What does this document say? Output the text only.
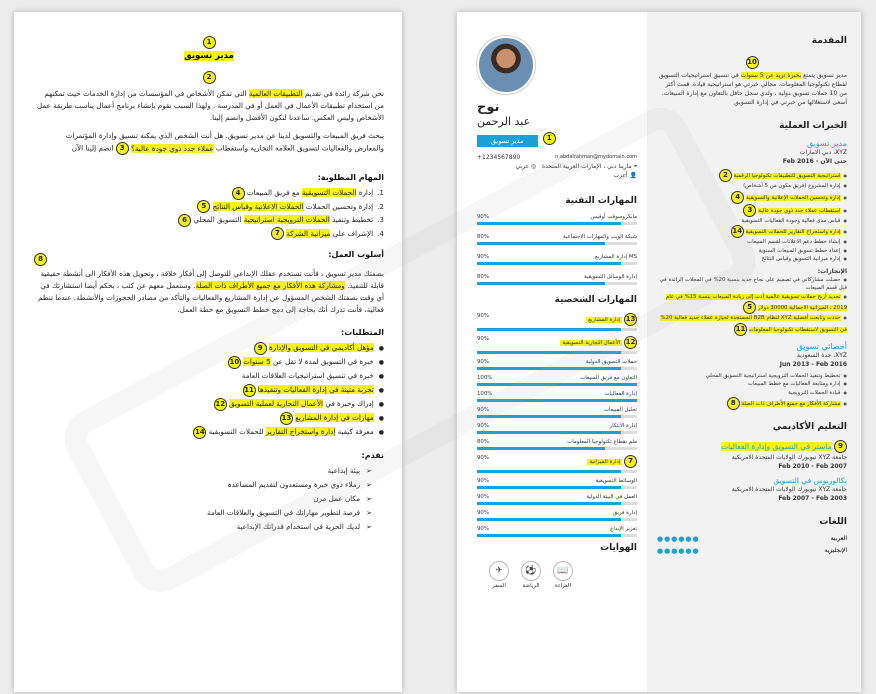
1
مدير تسويق
2

نحن شركة رائدة في تقديم التطبيقات العالمية التي تمكن الأشخاص في المؤسسات من إدارة الخدمات حيث تمكنهم من استخدام تطبيقات الأعمال في العمل أو في المدرسة . ولهذا السبب نقوم بإنشاء برنامج أعمال يناسب طريقة عمل الأشخاص وليس العكس. ساعدنا لنكون الأفضل وانضم إلينا.

يبحث فريق المبيعات والتسويق لدينا عن مدير تسويق. هل أنت الشخص الذي يمكنه تنسيق وإدارة المؤتمرات والمعارض والفعاليات لتسويق العلامة التجارية واستقطاب عملاء جدد ذوي جودة عالية؟ 3 انضم إلينا الآن

المهام المطلوبة:
1.إدارة الحملات التسويقية مع فريق المبيعات 4
2.إدارة وتحسين الحملات الحملات الاعلانية وقياس النتائج 5
3.تخطيط وتنفيذ الحملات الترويجية استراتيجية التسويق المحلي 6
4.الإشراف على ميزانية الشركة 7
أسلوب العمل:
8

بصفتك مدير تسويق ، فأنت تستخدم عقلك الإبداعي للتوصل إلى أفكار خلاقة ، وتحويل هذه الأفكار الى أنشطة حقيقية قابلة للتنفيذ. ومشاركة هذه الأفكار مع جميع الأطراف ذات الصلة. وستعمل معهم عن كثب ، بحكم أيضا استشارتك في أي وقت بصفتك الشخص المسؤول عن إدارة المشاريع والفعاليات والتأكد من مصادر الحجوزات والأنشطة. عندما تنظم فعالية، فأنت تدرك أنك بحاجة إلى دمج خطط التسويق مع خطة العمل.

المتطلبات:
● مؤهل أكاديمي في التسويق والإدارة 9
● خبرة في التسويق لمدة لا تقل عن 5 سنوات 10
● خبرة في تنسيق استراتيجيات العلاقات العامة
● تجربة متينة في إدارة الفعاليات وتنفيذها 11
● إدراك وخبرة في الأعمال التجارية لعملية التسويق 12
● مهارات في إدارة المشاريع 13
● معرفة كيفية إدارة واستخراج التقارير للحملات التسويقية 14
نقدم:
➢ بيئة إبداعية
➢ زملاء ذوي خبرة ومستعدون لتقديم المساعدة
➢ مكان عمل مرن
➢ فرصة لتطوير مهاراتك في التسويق والعلاقات العامة
➢ لديك الحرية في استخدام قدراتك الإبداعية
المقدمة
10

مدير تسويق يتمتع بخبرة تزيد عن 5 سنوات في تنسيق استراتيجيات التسويق لقطاع تكنولوجيا المعلومات. مجالي خبرتي هو استراتيجية قيادة. قمت أكثر من 10 حملات تسويق دولية ، ولدي سجل حافل بالتعاون مع إدارة المبيعات. أسعى لاستغلالها من خبرتي في إدارة التسويق

الخبرات العملية
مدير تسويق
XYZ، دبي الامارات
Feb 2016 - حتى الآن
● استراتيجية التسويق للتطبيقات تكنولوجيا الرقمية 2
● إدارة المشروع (فريق مكون من 5 أشخاص)
● إدارة وتحسين الحملات الإعلانية والتسويقية 4
● استقطاب عملاء جدد ذوي جودة عالية 3
● قياس مدى فعالية وجودة الفعاليات التسويقية
● إدارة واستخراج التقارير للحملات التسويقية 14
● إنشاء خطط دعم الاعلانات لقسم المبيعات
● إعداد خطط تسويق المبيعات السنوية
● إدارة ميزانية التسويق وقياس النتائج
الإنجازات:
● حصلت مشاركاتي في تصميم على نجاح جديد بنسبة 20% في المجلات الرائدة في قبل قسم المبيعات
● تحديد أربح حملات تسويقية عالمية أدت إلى زيادة المبيعات بنسبة 15% في عام 2019 ، الميزانية الاجمالية 30000 دولار 5
● حددت وتابعت أفضلية XYZ لنظام B2B المستجدة لحيازة عملاء جديد فعالية 20% في التسويق لاستقطاب تكنولوجيا المعلومات 11
أخصائي تسويق
XYZ، جدة السعودية
Jun 2013 - Feb 2016
● تخطيط وتنفيذ الحملات الترويجية استراتيجية التسويق المحلي
● إدارة ومتابعة الفعاليات مع خطط المبيعات
● قيادة الحملات الترويجية
● مشاركة الأفكار مع جميع الأطراف ذات الصلة 8
التعليم الأكاديمي
9 ماستر في التسويق وإدارة الفعاليات
جامعة XYZ نيويورك الولايات المتحدة الامريكية
Feb 2010 - Feb 2007
بكالوريوس في التسويق
جامعة XYZ نيويورك الولايات المتحدة الامريكية
Feb 2007 - Feb 2003
اللغات
العربية
●●●●●●
الإنجليزية
●●●●●●
نوح
عبد الرحمن
1 مدير تسويق
+1234567890	n.abdalrahman@mydomain.com
⌖ مارينا دبي ، الإمارات العربية المتحدة   ◎ عربي
👤 أعزب
المهارات التقنية
مايكروسوفت أوفيس
90%
شبكة الويب والمهارات الاجتماعية
80%
MS إدارة المشاريع
90%
إدارة الوسائل التسويقية
80%
المهارات الشخصية
13 إدارة المشاريع
90%
12 الأعمال التجارية التسويقية
90%
حملات التسويق الدولية
90%
التعاون مع فريق المبيعات
100%
إدارة الفعاليات
100%
تحليل المبيعات
90%
إدارة الابتكار
90%
ملم بقطاع تكنولوجيا المعلومات
80%
7 إدارة الميزانية
90%
الوسائط التسويقية
90%
العمل في البيئة الدولية
90%
إدارة فريق
90%
تعزيز الإبداع
90%
الهوايات
✈
السفر
⚽
الرياضة
📖
القراءة
